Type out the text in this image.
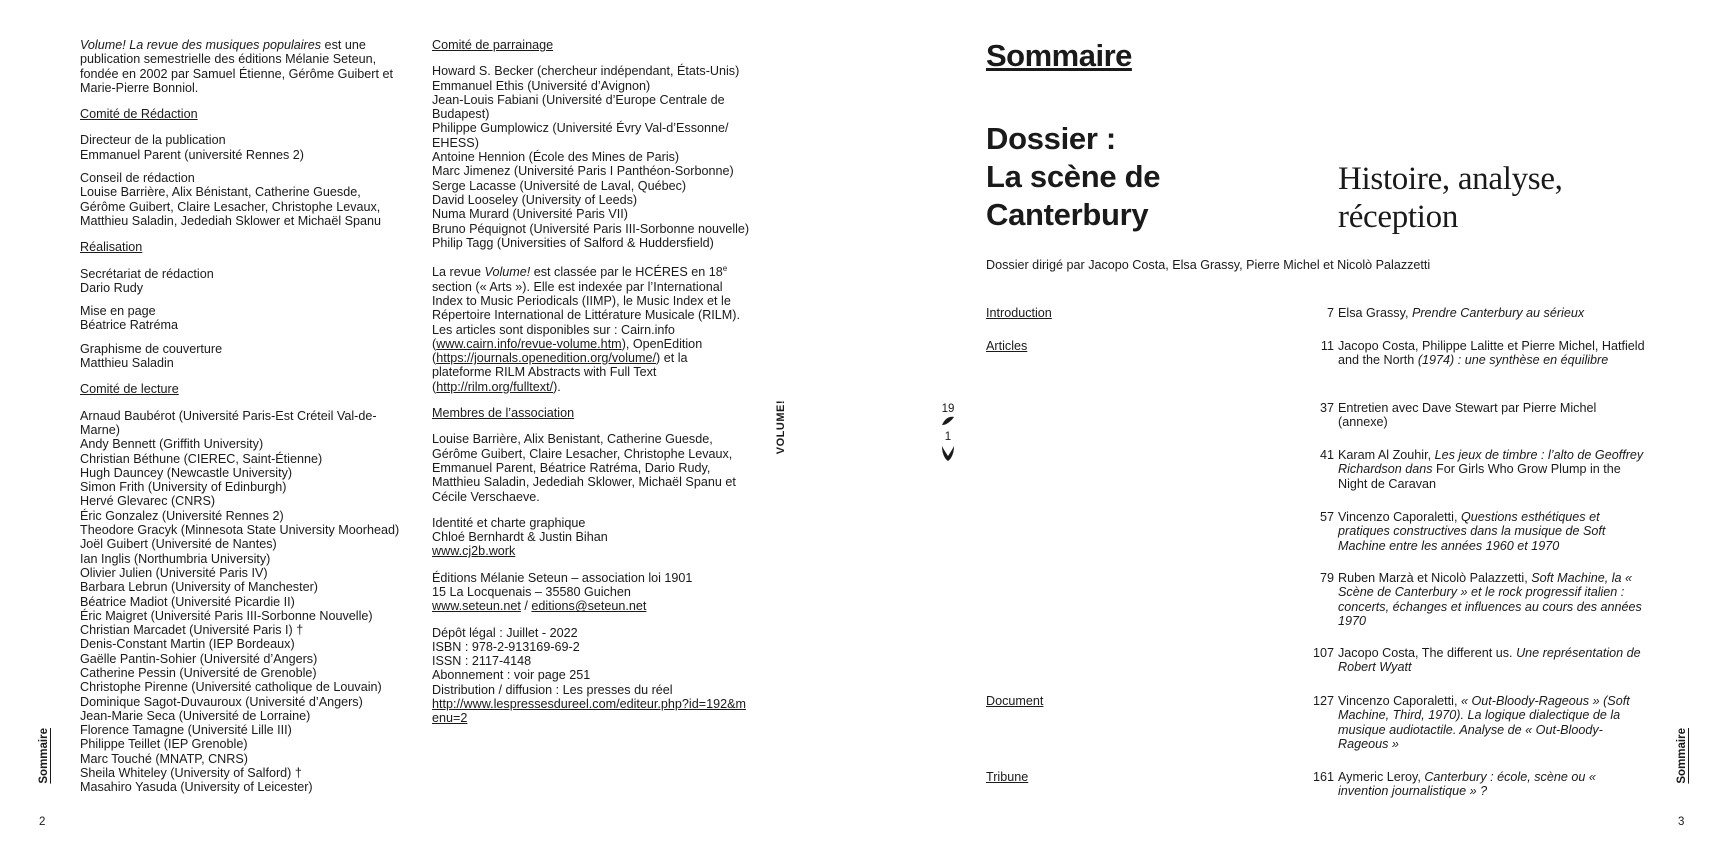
Volume! La revue des musiques populaires est une publication semestrielle des éditions Mélanie Seteun, fondée en 2002 par Samuel Étienne, Gérôme Guibert et Marie-Pierre Bonniol.

Comité de Rédaction

Directeur de la publication

Emmanuel Parent (université Rennes 2)

Conseil de rédaction

Louise Barrière, Alix Bénistant, Catherine Guesde, Gérôme Guibert, Claire Lesacher, Christophe Levaux, Matthieu Saladin, Jedediah Sklower et Michaël Spanu

Réalisation

Secrétariat de rédaction

Dario Rudy

Mise en page

Béatrice Ratréma

Graphisme de couverture

Matthieu Saladin

Comité de lecture

Arnaud Baubérot (Université Paris-Est Créteil Val-de-Marne)

Andy Bennett (Griffith University)

Christian Béthune (CIEREC, Saint-Étienne)

Hugh Dauncey (Newcastle University)

Simon Frith (University of Edinburgh)

Hervé Glevarec (CNRS)

Éric Gonzalez (Université Rennes 2)

Theodore Gracyk (Minnesota State University Moorhead)

Joël Guibert (Université de Nantes)

Ian Inglis (Northumbria University)

Olivier Julien (Université Paris IV)

Barbara Lebrun (University of Manchester)

Béatrice Madiot (Université Picardie II)

Éric Maigret (Université Paris III-Sorbonne Nouvelle)

Christian Marcadet (Université Paris I) †

Denis-Constant Martin (IEP Bordeaux)

Gaëlle Pantin-Sohier (Université d’Angers)

Catherine Pessin (Université de Grenoble)

Christophe Pirenne (Université catholique de Louvain)

Dominique Sagot-Duvauroux (Université d’Angers)

Jean-Marie Seca (Université de Lorraine)

Florence Tamagne (Université Lille III)

Philippe Teillet (IEP Grenoble)

Marc Touché (MNATP, CNRS)

Sheila Whiteley (University of Salford) †

Masahiro Yasuda (University of Leicester)

Comité de parrainage

Howard S. Becker (chercheur indépendant, États-Unis)

Emmanuel Ethis (Université d’Avignon)

Jean-Louis Fabiani (Université d’Europe Centrale de Budapest)

Philippe Gumplowicz (Université Évry Val-d’Essonne/ EHESS)

Antoine Hennion (École des Mines de Paris)

Marc Jimenez (Université Paris I Panthéon-Sorbonne)

Serge Lacasse (Université de Laval, Québec)

David Looseley (University of Leeds)

Numa Murard (Université Paris VII)

Bruno Péquignot (Université Paris III-Sorbonne nouvelle)

Philip Tagg (Universities of Salford & Huddersfield)

La revue Volume! est classée par le HCÉRES en 18e section (« Arts »). Elle est indexée par l’International Index to Music Periodicals (IIMP), le Music Index et le Répertoire International de Littérature Musicale (RILM).
Les articles sont disponibles sur : Cairn.info (www.cairn.info/revue-volume.htm), OpenEdition (https://journals.openedition.org/volume/) et la plateforme RILM Abstracts with Full Text (http://rilm.org/fulltext/).

Membres de l’association

Louise Barrière, Alix Benistant, Catherine Guesde, Gérôme Guibert, Claire Lesacher, Christophe Levaux, Emmanuel Parent, Béatrice Ratréma, Dario Rudy, Matthieu Saladin, Jedediah Sklower, Michaël Spanu et Cécile Verschaeve.

Identité et charte graphique

Chloé Bernhardt & Justin Bihan

www.cj2b.work

Éditions Mélanie Seteun – association loi 1901

15 La Locquenais – 35580 Guichen

www.seteun.net / editions@seteun.net

Dépôt légal : Juillet - 2022

ISBN : 978-2-913169-69-2

ISSN : 2117-4148

Abonnement : voir page 251

Distribution / diffusion : Les presses du réel

http://www.lespressesdureel.com/editeur.php?id=192&menu=2

Sommaire
2
VOLUME!	19
1
Sommaire
Dossier :
La scène de
Canterbury
Histoire, analyse,
réception
Dossier dirigé par Jacopo Costa, Elsa Grassy, Pierre Michel et Nicolò Palazzetti
Introduction	7 Elsa Grassy, Prendre Canterbury au sérieux
Articles	11 Jacopo Costa, Philippe Lalitte et Pierre Michel, Hatfield and the North (1974) : une synthèse en équilibre
37 Entretien avec Dave Stewart par Pierre Michel (annexe)
41 Karam Al Zouhir, Les jeux de timbre : l’alto de Geoffrey Richardson dans For Girls Who Grow Plump in the Night de Caravan
57 Vincenzo Caporaletti, Questions esthétiques et pratiques constructives dans la musique de Soft Machine entre les années 1960 et 1970
79 Ruben Marzà et Nicolò Palazzetti, Soft Machine, la « Scène de Canterbury » et le rock progressif italien : concerts, échanges et influences au cours des années 1970
107 Jacopo Costa, The different us. Une représentation de Robert Wyatt
Document	127 Vincenzo Caporaletti, « Out-Bloody-Rageous » (Soft Machine, Third, 1970). La logique dialectique de la musique audiotactile. Analyse de « Out-Bloody-Rageous »
Tribune	161 Aymeric Leroy, Canterbury : école, scène ou « invention journalistique » ?
Sommaire
3
